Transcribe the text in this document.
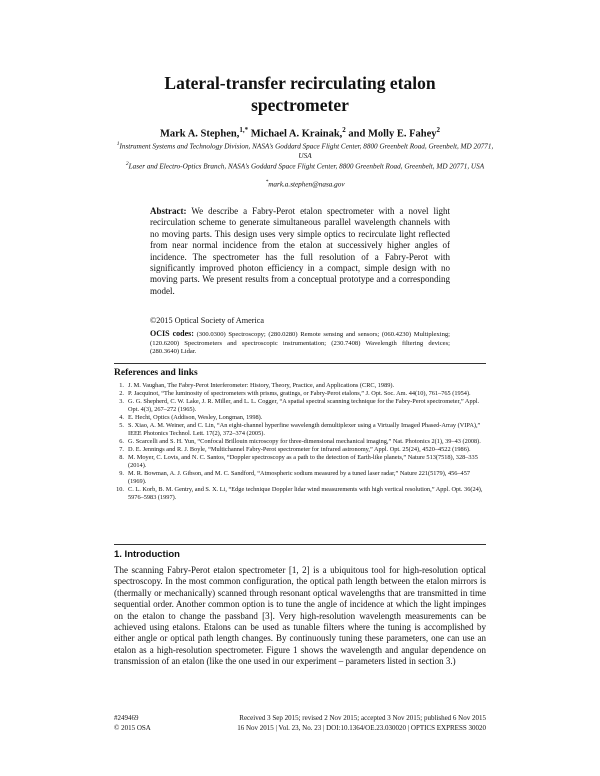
Lateral-transfer recirculating etalon spectrometer
Mark A. Stephen,$^{1,*}$ Michael A. Krainak,$^2$ and Molly E. Fahey$^2$
$^1$Instrument Systems and Technology Division, NASA’s Goddard Space Flight Center, 8800 Greenbelt Road, Greenbelt, MD 20771, USA
$^2$Laser and Electro-Optics Branch, NASA’s Goddard Space Flight Center, 8800 Greenbelt Road, Greenbelt, MD 20771, USA
*mark.a.stephen@nasa.gov
Abstract: We describe a Fabry-Perot etalon spectrometer with a novel light recirculation scheme to generate simultaneous parallel wavelength channels with no moving parts. This design uses very simple optics to recirculate light reflected from near normal incidence from the etalon at successively higher angles of incidence. The spectrometer has the full resolution of a Fabry-Perot with significantly improved photon efficiency in a compact, simple design with no moving parts. We present results from a conceptual prototype and a corresponding model.
©2015 Optical Society of America
OCIS codes: (300.0300) Spectroscopy; (280.0280) Remote sensing and sensors; (060.4230) Multiplexing; (120.6200) Spectrometers and spectroscopic instrumentation; (230.7408) Wavelength filtering devices; (280.3640) Lidar.
References and links
1. J. M. Vaughan, The Fabry-Perot Interferometer: History, Theory, Practice, and Applications (CRC, 1989).
2. P. Jacquinot, “The luminosity of spectrometers with prisms, gratings, or Fabry-Perot etalons,” J. Opt. Soc. Am. 44(10), 761–765 (1954).
3. G. G. Shepherd, C. W. Lake, J. R. Miller, and L. L. Cogger, “A spatial spectral scanning technique for the Fabry-Perot spectrometer,” Appl. Opt. 4(3), 267–272 (1965).
4. E. Hecht, Optics (Addison, Wesley, Longman, 1998).
5. S. Xiao, A. M. Weiner, and C. Lin, “An eight-channel hyperfine wavelength demultiplexer using a Virtually Imaged Phased-Array (VIPA),” IEEE Photonics Technol. Lett. 17(2), 372–374 (2005).
6. G. Scarcelli and S. H. Yun, “Confocal Brillouin microscopy for three-dimensional mechanical imaging,” Nat. Photonics 2(1), 39–43 (2008).
7. D. E. Jennings and R. J. Boyle, “Multichannel Fabry-Perot spectrometer for infrared astronomy,” Appl. Opt. 25(24), 4520–4522 (1986).
8. M. Moyer, C. Lovis, and N. C. Santos, “Doppler spectroscopy as a path to the detection of Earth-like planets,” Nature 513(7518), 328–335 (2014).
9. M. R. Bowman, A. J. Gibson, and M. C. Sandford, “Atmospheric sodium measured by a tuned laser radar,” Nature 221(5179), 456–457 (1969).
10. C. L. Korb, B. M. Gentry, and S. X. Li, “Edge technique Doppler lidar wind measurements with high vertical resolution,” Appl. Opt. 36(24), 5976–5983 (1997).
1. Introduction
The scanning Fabry-Perot etalon spectrometer [1, 2] is a ubiquitous tool for high-resolution optical spectroscopy. In the most common configuration, the optical path length between the etalon mirrors is (thermally or mechanically) scanned through resonant optical wavelengths that are transmitted in time sequential order. Another common option is to tune the angle of incidence at which the light impinges on the etalon to change the passband [3]. Very high-resolution wavelength measurements can be achieved using etalons. Etalons can be used as tunable filters where the tuning is accomplished by either angle or optical path length changes. By continuously tuning these parameters, one can use an etalon as a high-resolution spectrometer. Figure 1 shows the wavelength and angular dependence on transmission of an etalon (like the one used in our experiment – parameters listed in section 3.)
#249469
© 2015 OSA
Received 3 Sep 2015; revised 2 Nov 2015; accepted 3 Nov 2015; published 6 Nov 2015
16 Nov 2015 | Vol. 23, No. 23 | DOI:10.1364/OE.23.030020 | OPTICS EXPRESS 30020
